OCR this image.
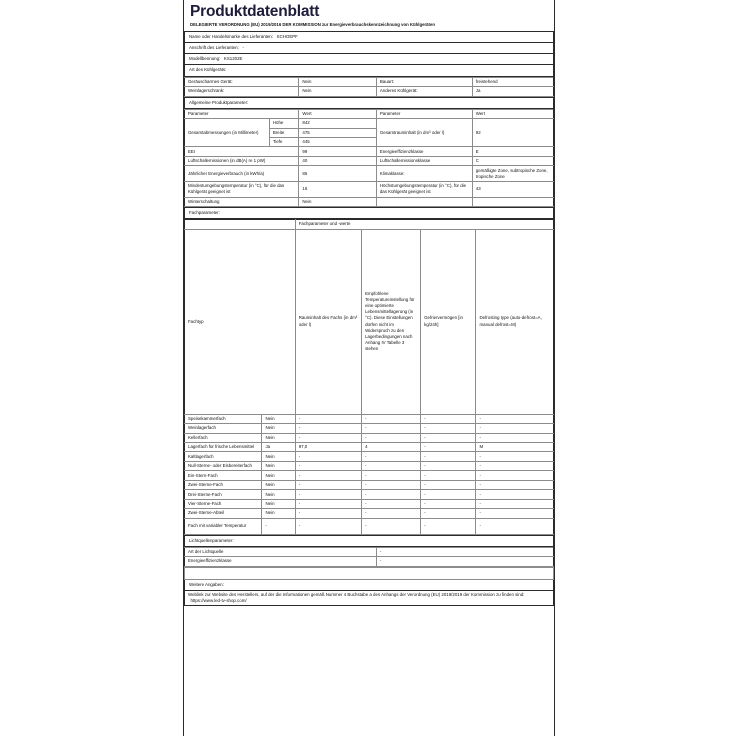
Produktdatenblatt
DELEGIERTE VERORDNUNG (EU) 2019/2016 DER KOMMISSION zur Energieverbrauchskennzeichnung von Kühlgeräten
Name oder Handelsmarke des Lieferanten: SCHOEPF
Anschrift des Lieferanten: -
Modellbennung: KS1202E
Art des Kühlgeräts:
Geräuscharmes Gerät:	Nein	Bauart:	freistehend
Weinlagerschrank:	Nein	Anderes Kühlgerät:	Ja
Allgemeine Produktparameter:
Parameter		Wert	Parameter	Wert
Gesamtabmessungen (in Millimeter)	Höhe	842	Gesamtrauminhalt (in dm³ oder l)	92
	Breite	475		
	Tiefe	445		
EEI		99	Energieeffizienzklasse	E
Luftschallemissionen (in dB(A) re 1 pW)		40	Luftschallemissionsklasse	C
Jährlicher Energieverbrauch (in kWh/a)		85	Klimaklasse:	gemäßigte Zone, subtropische Zone, tropische Zone
Mindestumgebungstemperatur (in °C), für die das Kühlgerät geeignet ist		16	Höchstumgebungstemperatur (in °C), für die das Kühlgerät geeignet ist	43
Winterschaltung		Nein		
Fachparameter:
		Fachparameter und -werte			
Fachtyp		Rauminhalt des Fachs (in dm³ oder l)	Empfohlene Temperatureinstellung für eine optimierte Lebensmittellagerung (in °C). Diese Einstellungen dürfen nicht im Widerspruch zu den Lagerbedingungen nach Anhang IV Tabelle 3 stehen	Gefriervermögen [in kg/24h]	Defrosting type (auto-defrost=A, manual defrost=M)
Speisekammerfach	Nein	-	-	-	-
Weinlagerfach	Nein	-	-	-	-
Kellerfach	Nein	-	-	-	-
Lagerfach für frische Lebensmittel	Ja	97,0	4	-	M
Kaltlagerfach	Nein	-	-	-	-
Null-Sterne- oder Eisbereiterfach	Nein	-	-	-	-
Ein-Stern-Fach	Nein	-	-	-	-
Zwei-Sterne-Fach	Nein	-	-	-	-
Drei-Sterne-Fach	Nein	-	-	-	-
Vier-Sterne-Fach	Nein	-	-	-	-
Zwei-Sterne-Abteil	Nein	-	-	-	-
Fach mit variabler Temperatur	-	-	-	-	-
Lichtquellenparameter:
Art der Lichtquelle	-
Energieeffizienzklasse	-

Weitere Angaben:
Weblink zur Website des Herstellers, auf der die Informationen gemäß Nummer 4 Buchstabe a des Anhangs der Verordnung (EU) 2019/2019 der Kommission zu finden sind:   https://www.led-tv-shop.com/
